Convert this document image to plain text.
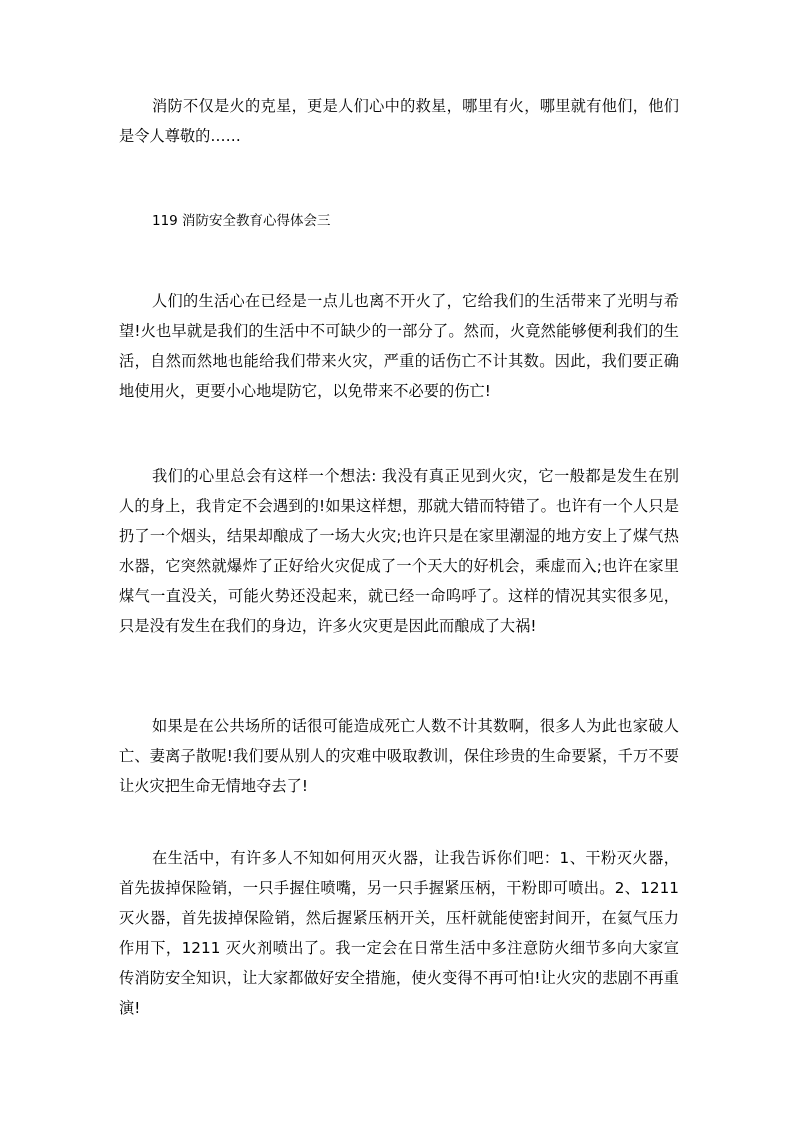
消防不仅是火的克星，更是人们心中的救星，哪里有火，哪里就有他们，他们是令人尊敬的……

119 消防安全教育心得体会三

人们的生活心在已经是一点儿也离不开火了，它给我们的生活带来了光明与希望!火也早就是我们的生活中不可缺少的一部分了。然而，火竟然能够便利我们的生活，自然而然地也能给我们带来火灾，严重的话伤亡不计其数。因此，我们要正确地使用火，更要小心地堤防它，以免带来不必要的伤亡!

我们的心里总会有这样一个想法: 我没有真正见到火灾，它一般都是发生在别人的身上，我肯定不会遇到的!如果这样想，那就大错而特错了。也许有一个人只是扔了一个烟头，结果却酿成了一场大火灾;也许只是在家里潮湿的地方安上了煤气热水器，它突然就爆炸了正好给火灾促成了一个天大的好机会，乘虚而入;也许在家里煤气一直没关，可能火势还没起来，就已经一命呜呼了。这样的情况其实很多见，只是没有发生在我们的身边，许多火灾更是因此而酿成了大祸!

如果是在公共场所的话很可能造成死亡人数不计其数啊，很多人为此也家破人亡、妻离子散呢!我们要从别人的灾难中吸取教训，保住珍贵的生命要紧，千万不要让火灾把生命无情地夺去了!

在生活中，有许多人不知如何用灭火器，让我告诉你们吧：1、干粉灭火器，首先拔掉保险销，一只手握住喷嘴，另一只手握紧压柄，干粉即可喷出。2、1211 灭火器，首先拔掉保险销，然后握紧压柄开关，压杆就能使密封间开，在氦气压力作用下，1211 灭火剂喷出了。我一定会在日常生活中多注意防火细节多向大家宣传消防安全知识，让大家都做好安全措施，使火变得不再可怕!让火灾的悲剧不再重演!
